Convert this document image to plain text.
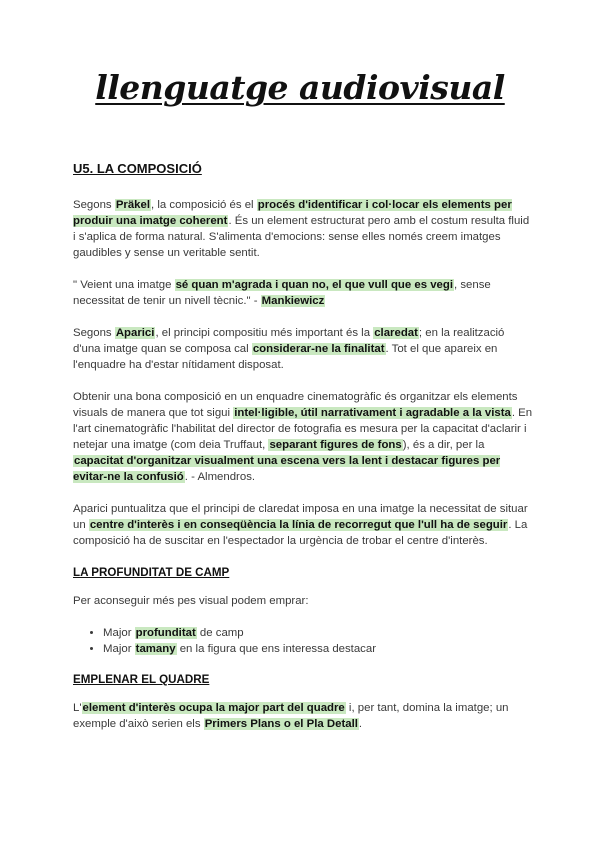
llenguatge audiovisual
U5. LA COMPOSICIÓ

Segons Präkel, la composició és el procés d'identificar i col·locar els elements per produir una imatge coherent. És un element estructurat pero amb el costum resulta fluid i s'aplica de forma natural. S'alimenta d'emocions: sense elles només creem imatges gaudibles y sense un veritable sentit.

" Veient una imatge sé quan m'agrada i quan no, el que vull que es vegi, sense necessitat de tenir un nivell tècnic." - Mankiewicz

Segons Aparici, el principi compositiu més important és la claredat; en la realització d'una imatge quan se composa cal considerar-ne la finalitat. Tot el que apareix en l'enquadre ha d'estar nítidament disposat.

Obtenir una bona composició en un enquadre cinematogràfic és organitzar els elements visuals de manera que tot sigui intel·ligible, útil narrativament i agradable a la vista. En l'art cinematogràfic l'habilitat del director de fotografia es mesura per la capacitat d'aclarir i netejar una imatge (com deia Truffaut, separant figures de fons), és a dir, per la capacitat d'organitzar visualment una escena vers la lent i destacar figures per evitar-ne la confusió. - Almendros.

Aparici puntualitza que el principi de claredat imposa en una imatge la necessitat de situar un centre d'interès i en conseqüència la línia de recorregut que l'ull ha de seguir. La composició ha de suscitar en l'espectador la urgència de trobar el centre d'interès.

LA PROFUNDITAT DE CAMP

Per aconseguir més pes visual podem emprar:

• Major profunditat de camp
• Major tamany en la figura que ens interessa destacar
EMPLENAR EL QUADRE

L'element d'interès ocupa la major part del quadre i, per tant, domina la imatge; un exemple d'això serien els Primers Plans o el Pla Detall.
